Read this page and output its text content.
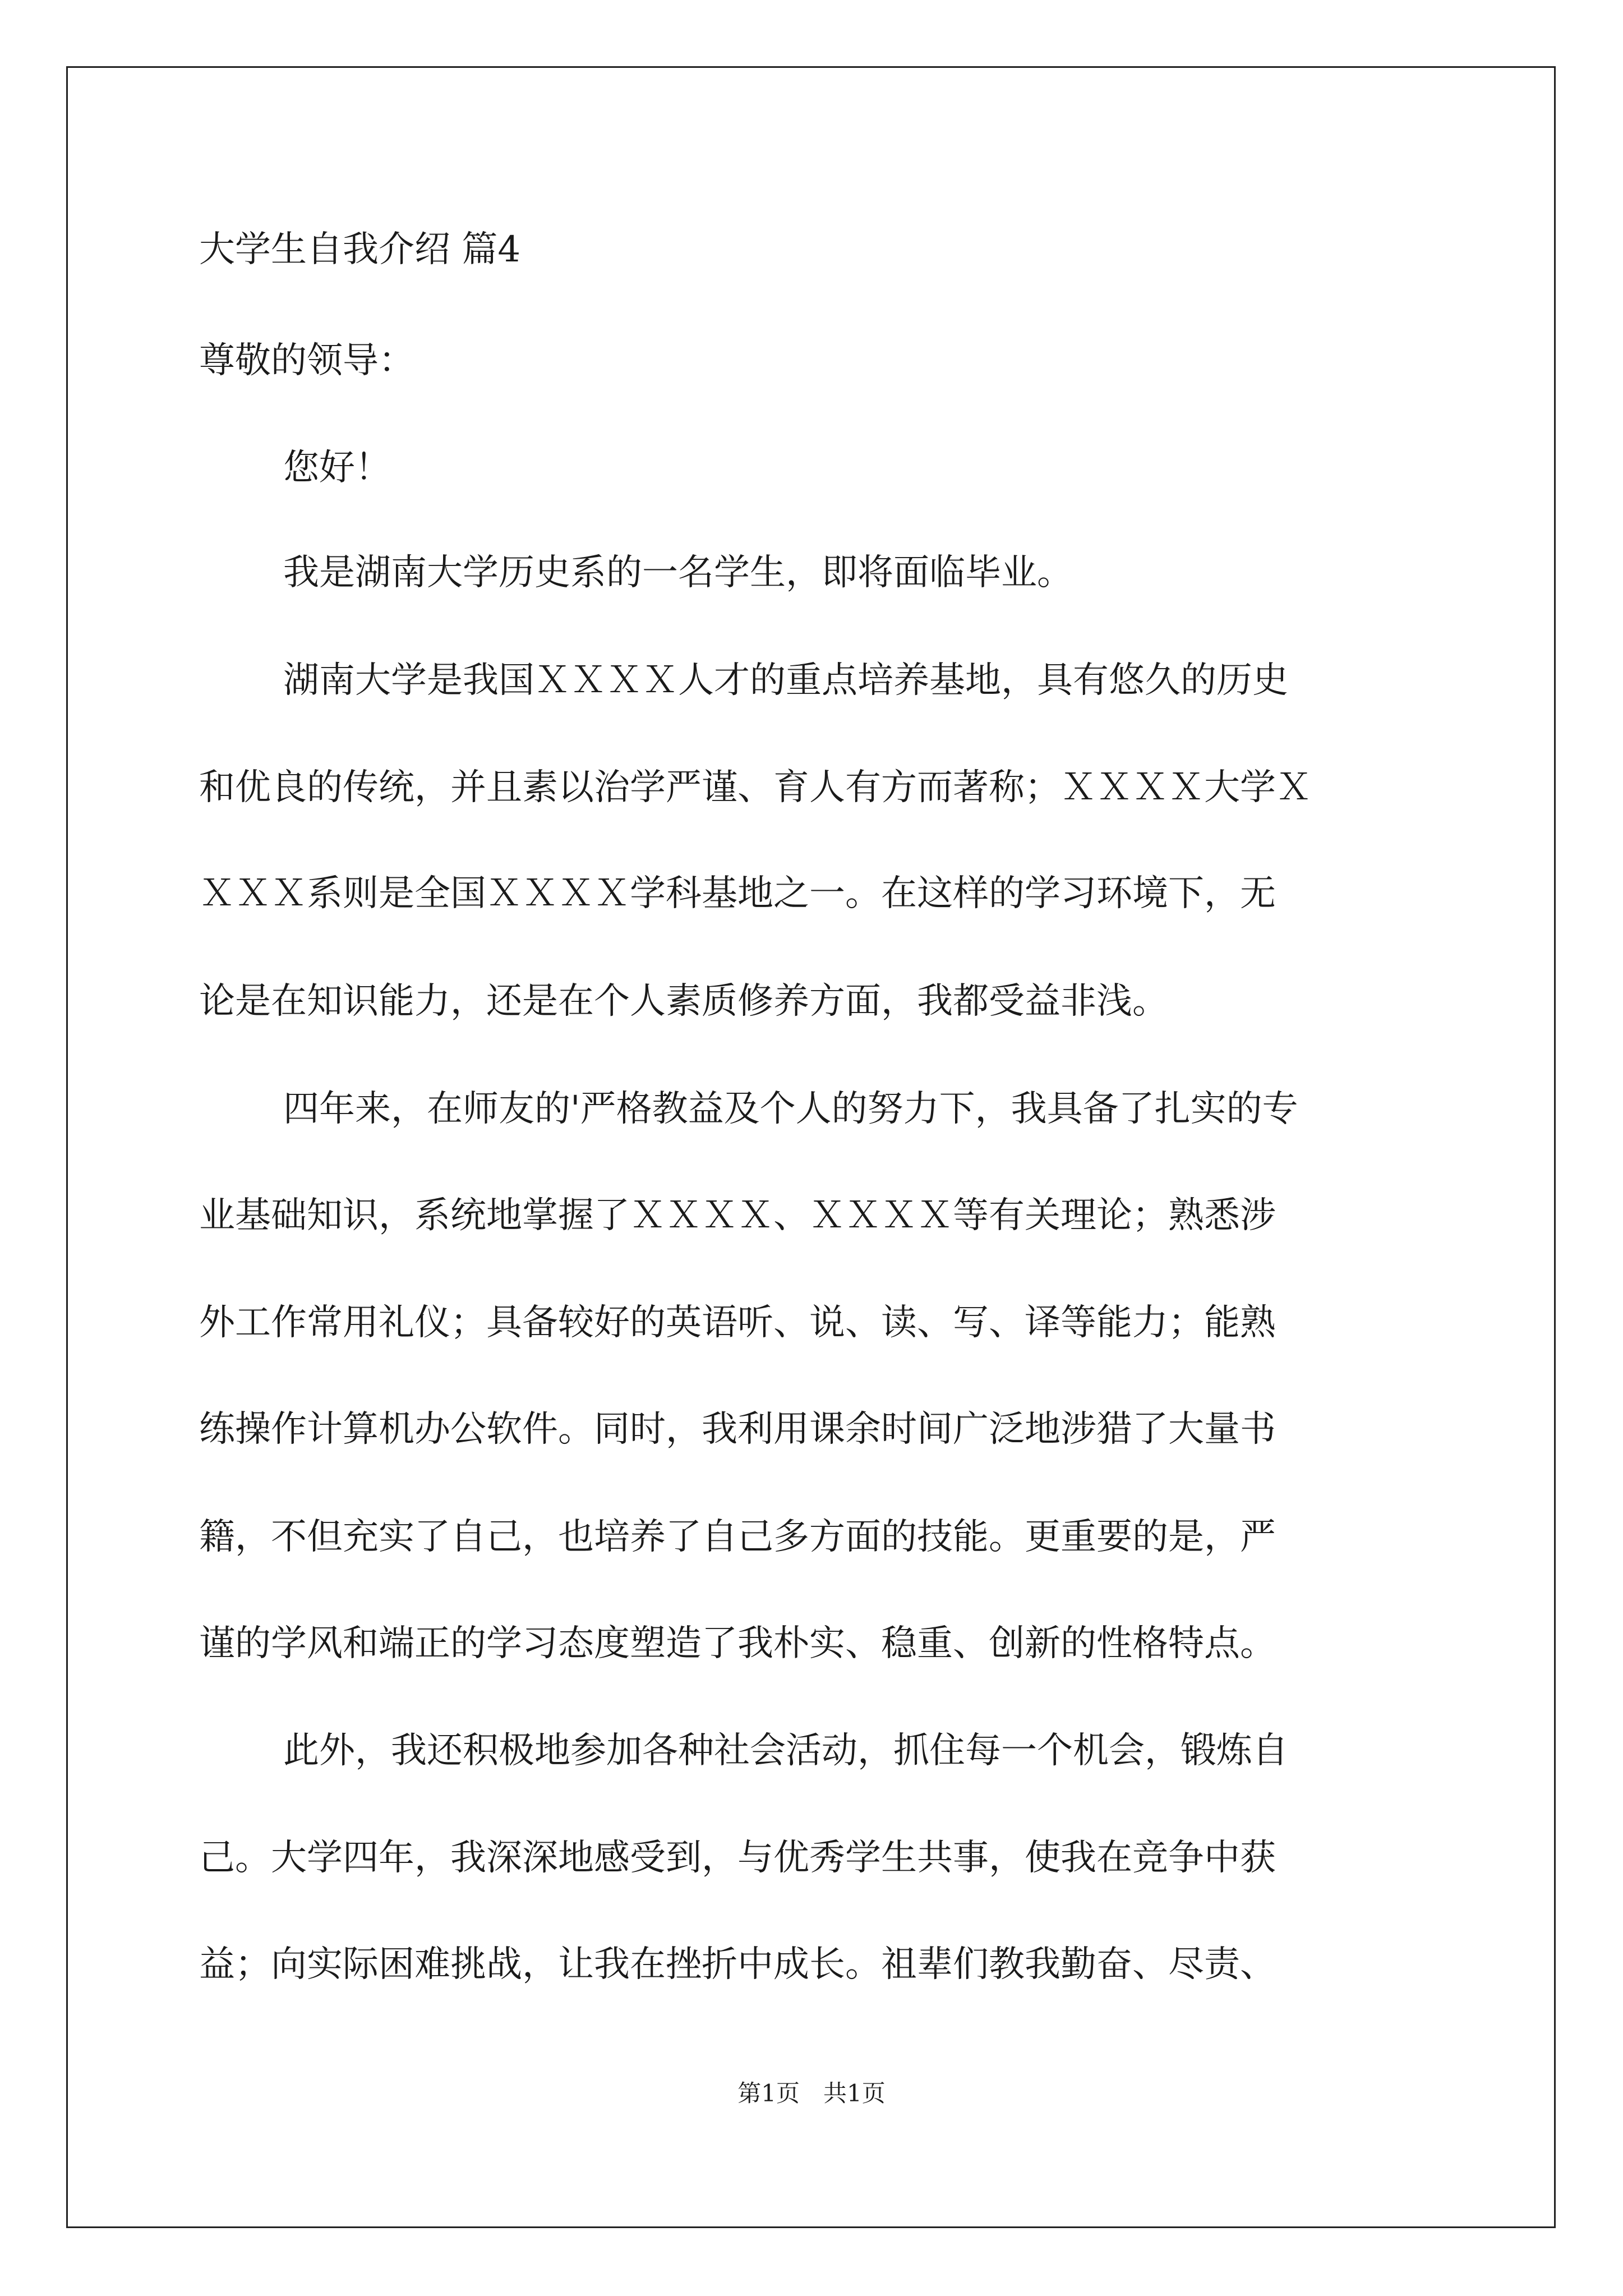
大学生自我介绍 篇4
尊敬的领导：
您好！
我是湖南大学历史系的一名学生，即将面临毕业。
湖南大学是我国ＸＸＸＸ人才的重点培养基地，具有悠久的历史
和优良的传统，并且素以治学严谨、育人有方而著称；ＸＸＸＸ大学Ｘ
ＸＸＸ系则是全国ＸＸＸＸ学科基地之一。在这样的学习环境下，无
论是在知识能力，还是在个人素质修养方面，我都受益非浅。
四年来，在师友的'严格教益及个人的努力下，我具备了扎实的专
业基础知识，系统地掌握了ＸＸＸＸ、ＸＸＸＸ等有关理论；熟悉涉
外工作常用礼仪；具备较好的英语听、说、读、写、译等能力；能熟
练操作计算机办公软件。同时，我利用课余时间广泛地涉猎了大量书
籍，不但充实了自己，也培养了自己多方面的技能。更重要的是，严
谨的学风和端正的学习态度塑造了我朴实、稳重、创新的性格特点。
此外，我还积极地参加各种社会活动，抓住每一个机会，锻炼自
己。大学四年，我深深地感受到，与优秀学生共事，使我在竞争中获
益；向实际困难挑战，让我在挫折中成长。祖辈们教我勤奋、尽责、
第1页　共1页
